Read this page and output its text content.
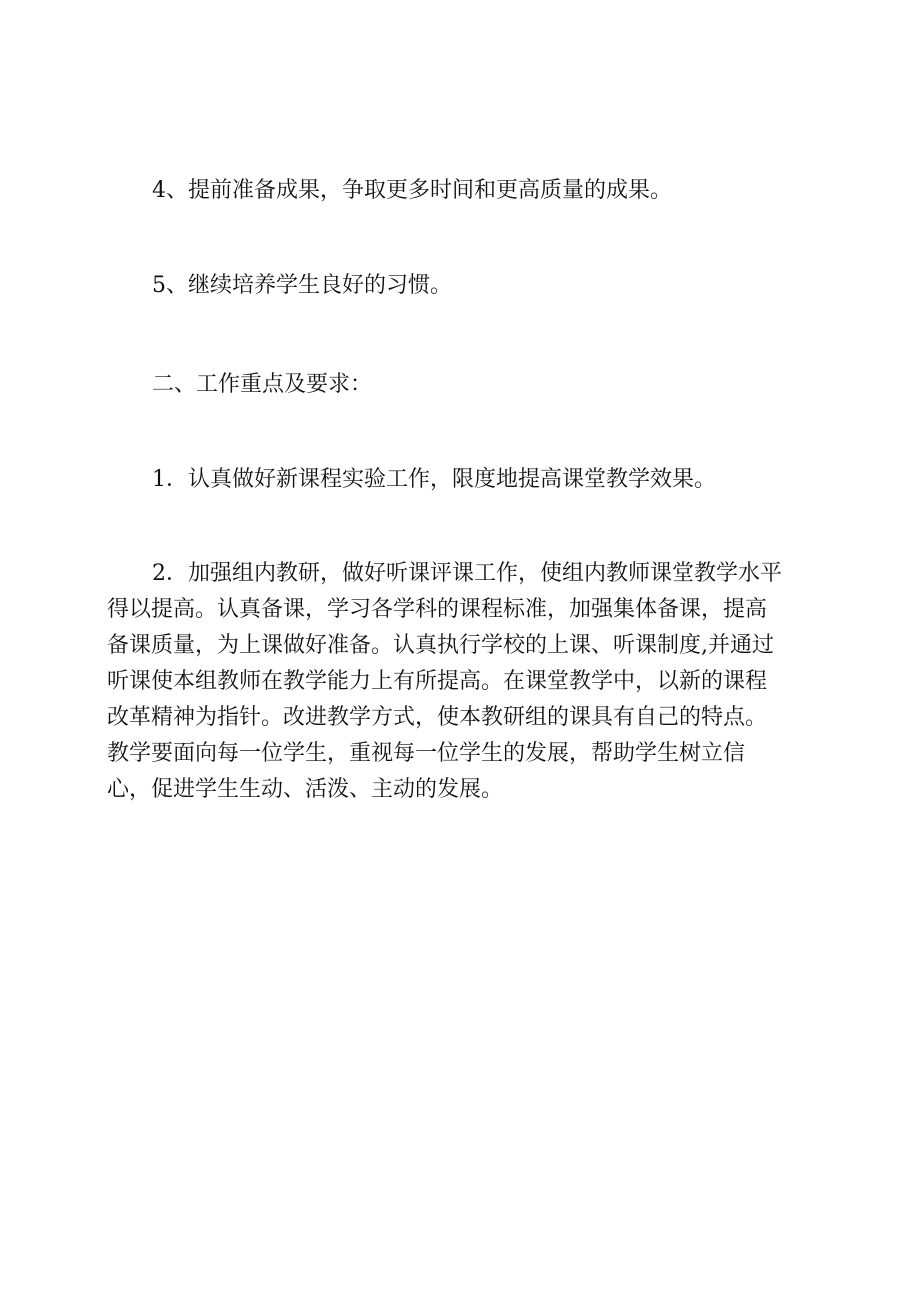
4、提前准备成果，争取更多时间和更高质量的成果。

5、继续培养学生良好的习惯。

二、工作重点及要求：

1．认真做好新课程实验工作，限度地提高课堂教学效果。

2．加强组内教研，做好听课评课工作，使组内教师课堂教学水平
得以提高。认真备课，学习各学科的课程标准，加强集体备课，提高
备课质量，为上课做好准备。认真执行学校的上课、听课制度,并通过
听课使本组教师在教学能力上有所提高。在课堂教学中，以新的课程
改革精神为指针。改进教学方式，使本教研组的课具有自己的特点。
教学要面向每一位学生，重视每一位学生的发展，帮助学生树立信
心，促进学生生动、活泼、主动的发展。
